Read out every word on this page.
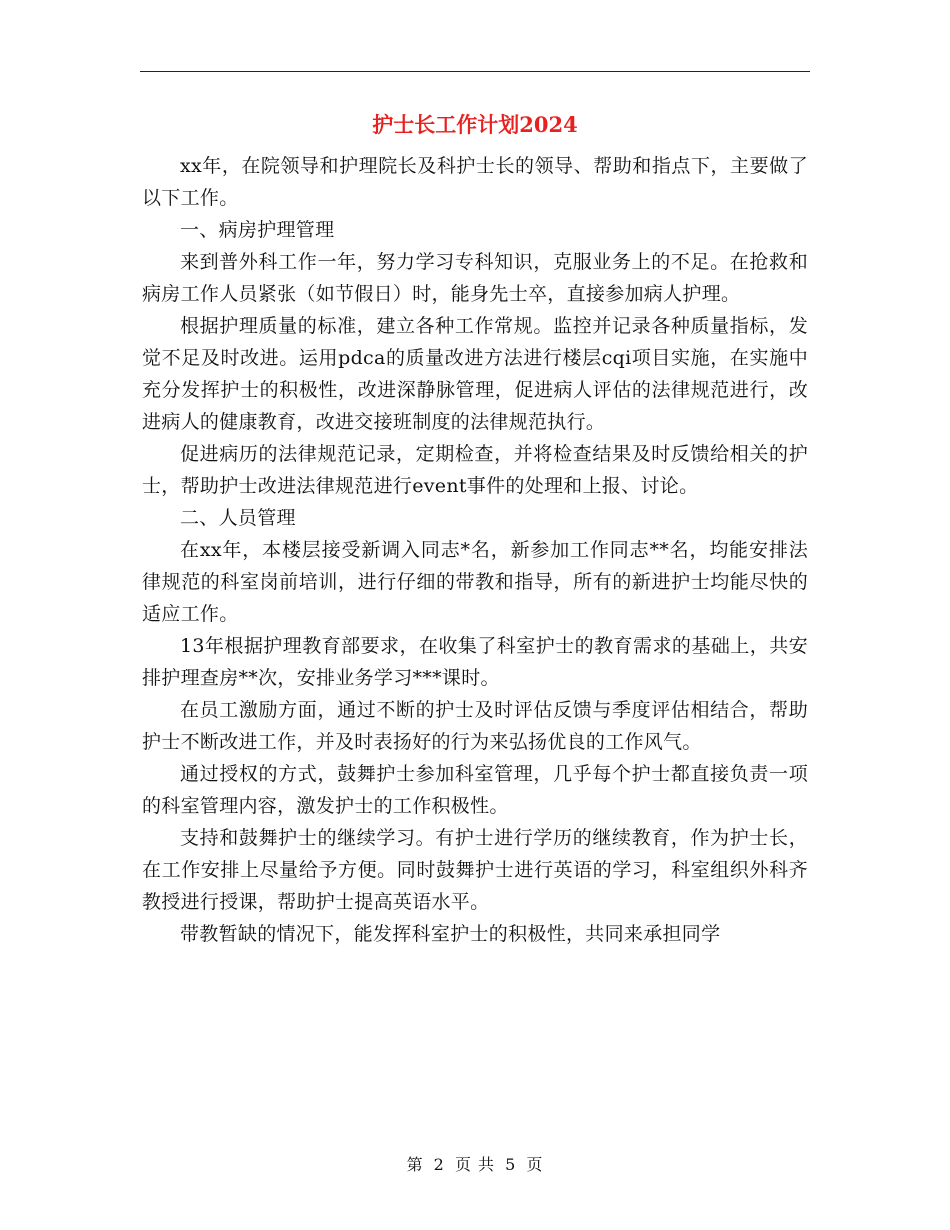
护士长工作计划2024

xx年，在院领导和护理院长及科护士长的领导、帮助和指点下，主要做了以下工作。

一、病房护理管理

来到普外科工作一年，努力学习专科知识，克服业务上的不足。在抢救和病房工作人员紧张（如节假日）时，能身先士卒，直接参加病人护理。

根据护理质量的标准，建立各种工作常规。监控并记录各种质量指标，发觉不足及时改进。运用pdca的质量改进方法进行楼层cqi项目实施，在实施中充分发挥护士的积极性，改进深静脉管理，促进病人评估的法律规范进行，改进病人的健康教育，改进交接班制度的法律规范执行。

促进病历的法律规范记录，定期检查，并将检查结果及时反馈给相关的护士，帮助护士改进法律规范进行event事件的处理和上报、讨论。

二、人员管理

在xx年，本楼层接受新调入同志*名，新参加工作同志**名，均能安排法律规范的科室岗前培训，进行仔细的带教和指导，所有的新进护士均能尽快的适应工作。

13年根据护理教育部要求，在收集了科室护士的教育需求的基础上，共安排护理查房**次，安排业务学习***课时。

在员工激励方面，通过不断的护士及时评估反馈与季度评估相结合，帮助护士不断改进工作，并及时表扬好的行为来弘扬优良的工作风气。

通过授权的方式，鼓舞护士参加科室管理，几乎每个护士都直接负责一项的科室管理内容，激发护士的工作积极性。

支持和鼓舞护士的继续学习。有护士进行学历的继续教育，作为护士长，在工作安排上尽量给予方便。同时鼓舞护士进行英语的学习，科室组织外科齐教授进行授课，帮助护士提高英语水平。

带教暂缺的情况下，能发挥科室护士的积极性，共同来承担同学

第 2 页 共 5 页
